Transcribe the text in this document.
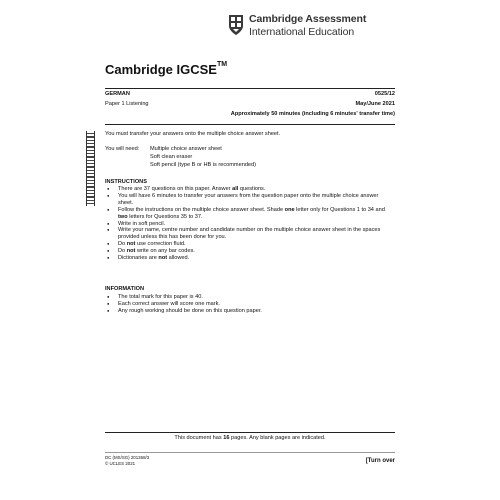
Cambridge Assessment
International Education
Cambridge IGCSE™
GERMAN	0525/12
Paper 1 Listening	May/June 2021
Approximately 50 minutes (including 6 minutes' transfer time)
You must transfer your answers onto the multiple choice answer sheet.
You will need: Multiple choice answer sheet
Soft clean eraser
Soft pencil (type B or HB is recommended)
INSTRUCTIONS
● There are 37 questions on this paper. Answer all questions.
● You will have 6 minutes to transfer your answers from the question paper onto the multiple choice answer sheet.
● Follow the instructions on the multiple choice answer sheet. Shade one letter only for Questions 1 to 34 and two letters for Questions 35 to 37.
● Write in soft pencil.
● Write your name, centre number and candidate number on the multiple choice answer sheet in the spaces provided unless this has been done for you.
● Do not use correction fluid.
● Do not write on any bar codes.
● Dictionaries are not allowed.
INFORMATION
● The total mark for this paper is 40.
● Each correct answer will score one mark.
● Any rough working should be done on this question paper.
This document has 16 pages. Any blank pages are indicated.
DC (MS/SG) 201368/3
© UCLES 2021	[Turn over
